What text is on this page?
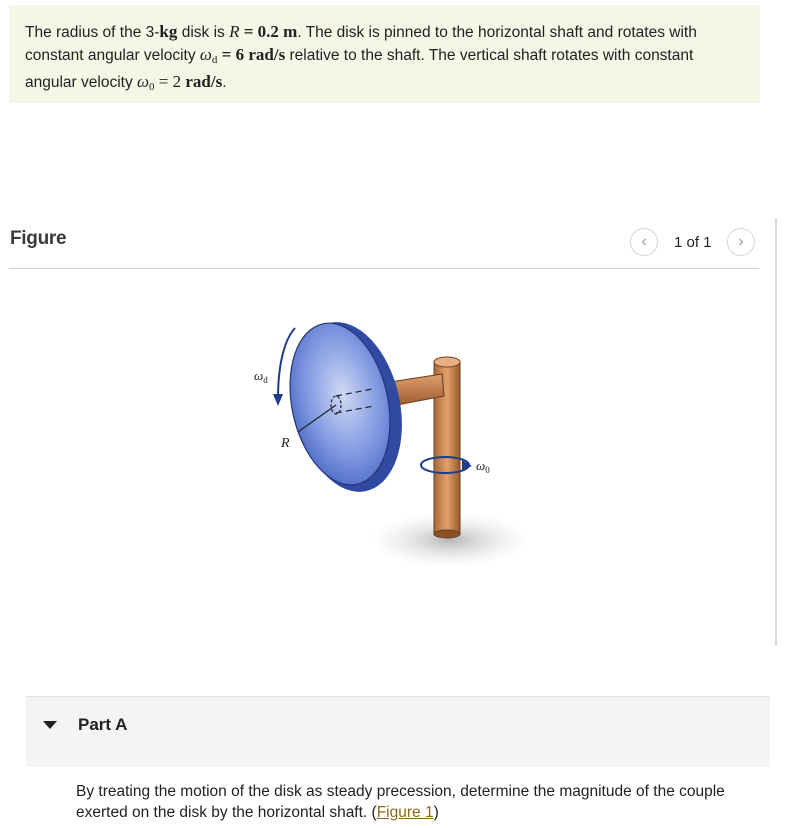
The radius of the 3-kg disk is R = 0.2 m. The disk is pinned to the horizontal shaft and rotates with constant angular velocity $\omega_d = 6$ rad/s relative to the shaft. The vertical shaft rotates with constant angular velocity $\omega_0 = 2$ rad/s.
Figure	‹ 1 of 1 ›
$\omega_d$
R
$\omega_0$
Part A
By treating the motion of the disk as steady precession, determine the magnitude of the couple exerted on the disk by the horizontal shaft. (Figure 1)
